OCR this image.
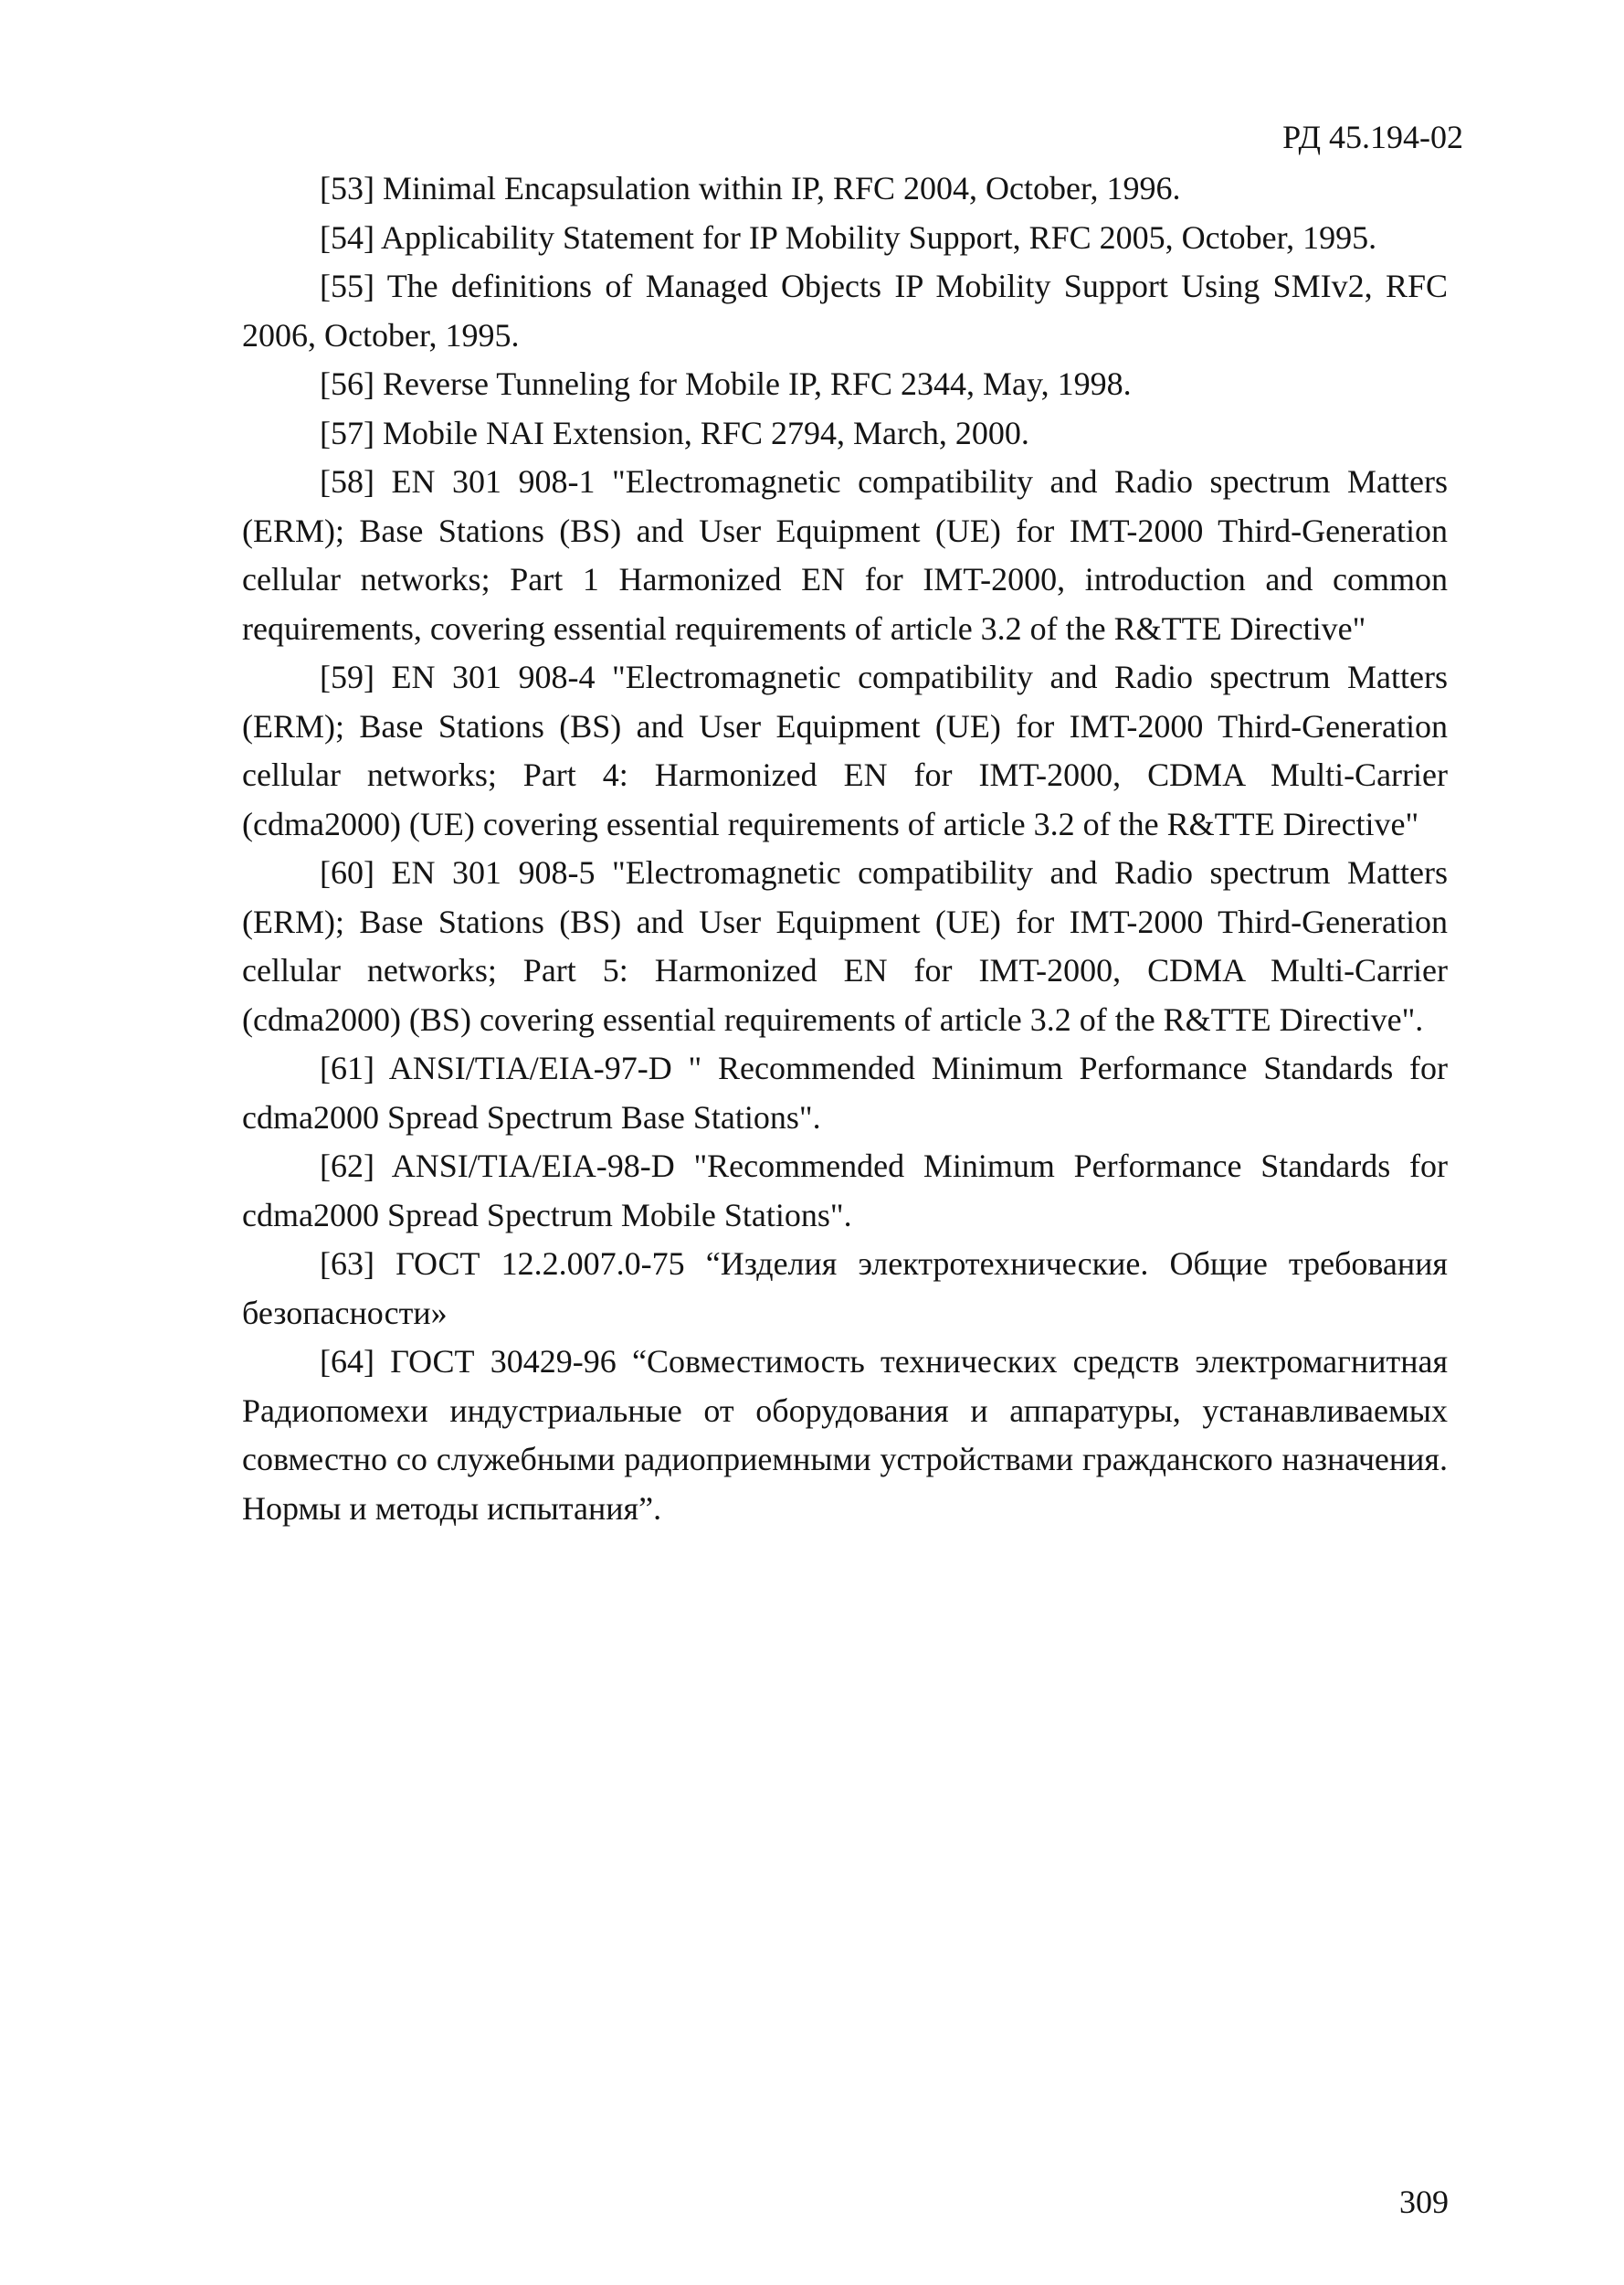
РД 45.194-02

[53] Minimal Encapsulation within IP, RFC 2004, October, 1996.

[54] Applicability Statement for IP Mobility Support, RFC 2005, October, 1995.

[55] The definitions of Managed Objects IP Mobility Support Using SMIv2, RFC 2006, October, 1995.

[56] Reverse Tunneling for Mobile IP, RFC 2344, May, 1998.

[57] Mobile NAI Extension, RFC 2794, March, 2000.

[58] EN 301 908-1 "Electromagnetic compatibility and Radio spectrum Matters (ERM); Base Stations (BS) and User Equipment (UE) for IMT-2000 Third-Generation cellular networks; Part 1 Harmonized EN for IMT-2000, introduction and common requirements, covering essential requirements of article 3.2 of the R&TTE Directive"

[59] EN 301 908-4 "Electromagnetic compatibility and Radio spectrum Matters (ERM); Base Stations (BS) and User Equipment (UE) for IMT-2000 Third-Generation cellular networks; Part 4: Harmonized EN for IMT-2000, CDMA Multi-Carrier (cdma2000) (UE) covering essential requirements of article 3.2 of the R&TTE Directive"

[60] EN 301 908-5 "Electromagnetic compatibility and Radio spectrum Matters (ERM); Base Stations (BS) and User Equipment (UE) for IMT-2000 Third-Generation cellular networks; Part 5: Harmonized EN for IMT-2000, CDMA Multi-Carrier (cdma2000) (BS) covering essential requirements of article 3.2 of the R&TTE Directive".

[61] ANSI/TIA/EIA-97-D " Recommended Minimum Performance Standards for cdma2000 Spread Spectrum Base Stations".

[62] ANSI/TIA/EIA-98-D "Recommended Minimum Performance Standards for cdma2000 Spread Spectrum Mobile Stations".

[63] ГОСТ 12.2.007.0-75 “Изделия электротехнические. Общие требования безопасности»

[64] ГОСТ 30429-96 “Совместимость технических средств электромагнитная Радиопомехи индустриальные от оборудования и аппаратуры, устанавливаемых совместно со служебными радиоприемными устройствами гражданского назначения. Нормы и методы испытания”.

309
